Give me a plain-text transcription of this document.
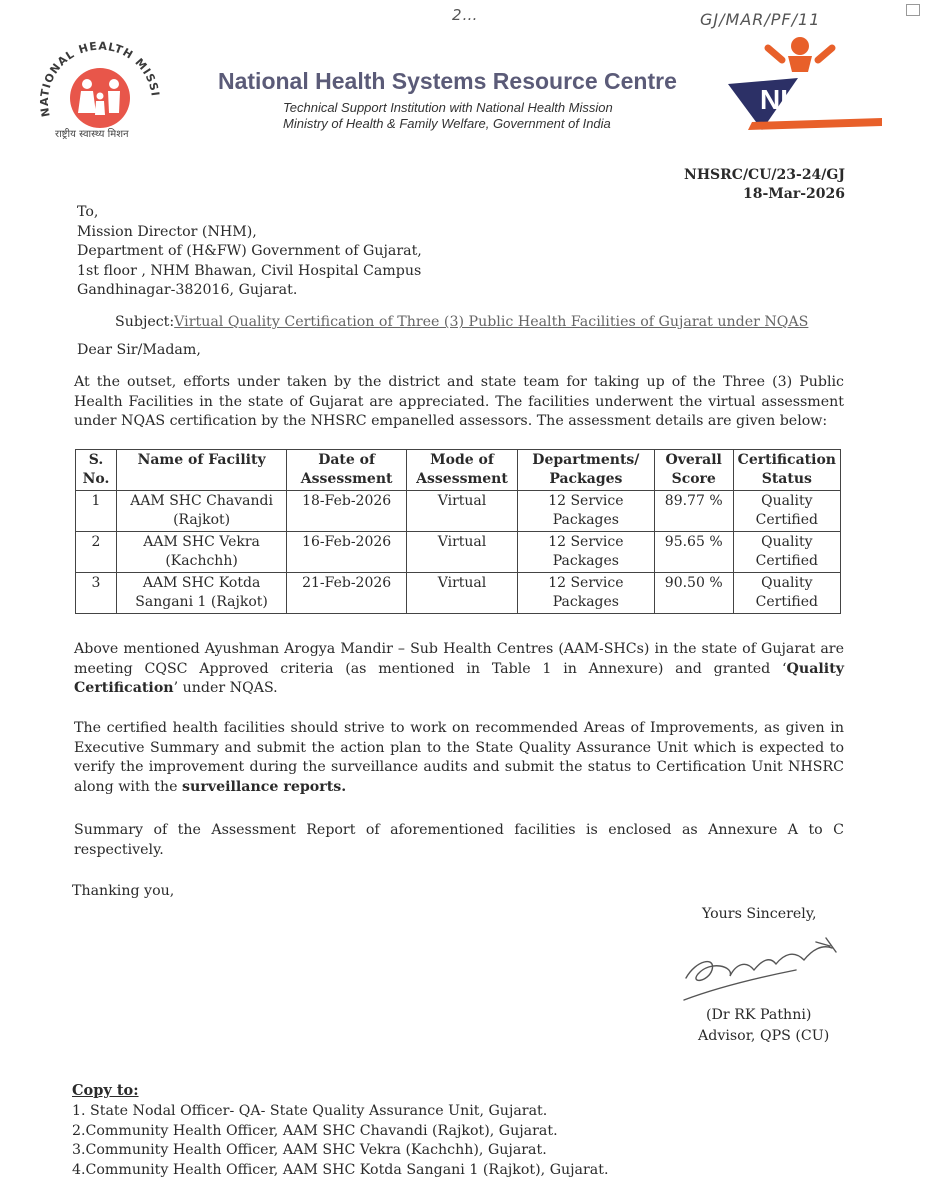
2…	GJ/MAR/PF/11
NATIONAL HEALTH MISSI
राष्ट्रीय स्वास्थ्य मिशन
National Health Systems Resource Centre
Technical Support Institution with National Health Mission
Ministry of Health & Family Welfare, Government of India
NHSRC
NHSRC/CU/23-24/GJ
18-Mar-2026
To,
Mission Director (NHM),
Department of (H&FW) Government of Gujarat,
1st floor , NHM Bhawan, Civil Hospital Campus
Gandhinagar-382016, Gujarat.
Subject:Virtual Quality Certification of Three (3) Public Health Facilities of Gujarat under NQAS
Dear Sir/Madam,
At the outset, efforts under taken by the district and state team for taking up of the Three (3) Public Health Facilities in the state of Gujarat are appreciated. The facilities underwent the virtual assessment under NQAS certification by the NHSRC empanelled assessors. The assessment details are given below:
S. No.	Name of Facility	Date of Assessment	Mode of Assessment	Departments/ Packages	Overall Score	Certification Status
1	AAM SHC Chavandi (Rajkot)	18-Feb-2026	Virtual	12 Service Packages	89.77 %	Quality Certified
2	AAM SHC Vekra (Kachchh)	16-Feb-2026	Virtual	12 Service Packages	95.65 %	Quality Certified
3	AAM SHC Kotda Sangani 1 (Rajkot)	21-Feb-2026	Virtual	12 Service Packages	90.50 %	Quality Certified
Above mentioned Ayushman Arogya Mandir – Sub Health Centres (AAM-SHCs) in the state of Gujarat are meeting CQSC Approved criteria (as mentioned in Table 1 in Annexure) and granted ‘Quality Certification’ under NQAS.
The certified health facilities should strive to work on recommended Areas of Improvements, as given in Executive Summary and submit the action plan to the State Quality Assurance Unit which is expected to verify the improvement during the surveillance audits and submit the status to Certification Unit NHSRC along with the surveillance reports.
Summary of the Assessment Report of aforementioned facilities is enclosed as Annexure A to C respectively.
Thanking you,
Yours Sincerely,
(Dr RK Pathni)
Advisor, QPS (CU)
Copy to:
1. State Nodal Officer- QA- State Quality Assurance Unit, Gujarat.
2.Community Health Officer, AAM SHC Chavandi (Rajkot), Gujarat.
3.Community Health Officer, AAM SHC Vekra (Kachchh), Gujarat.
4.Community Health Officer, AAM SHC Kotda Sangani 1 (Rajkot), Gujarat.
